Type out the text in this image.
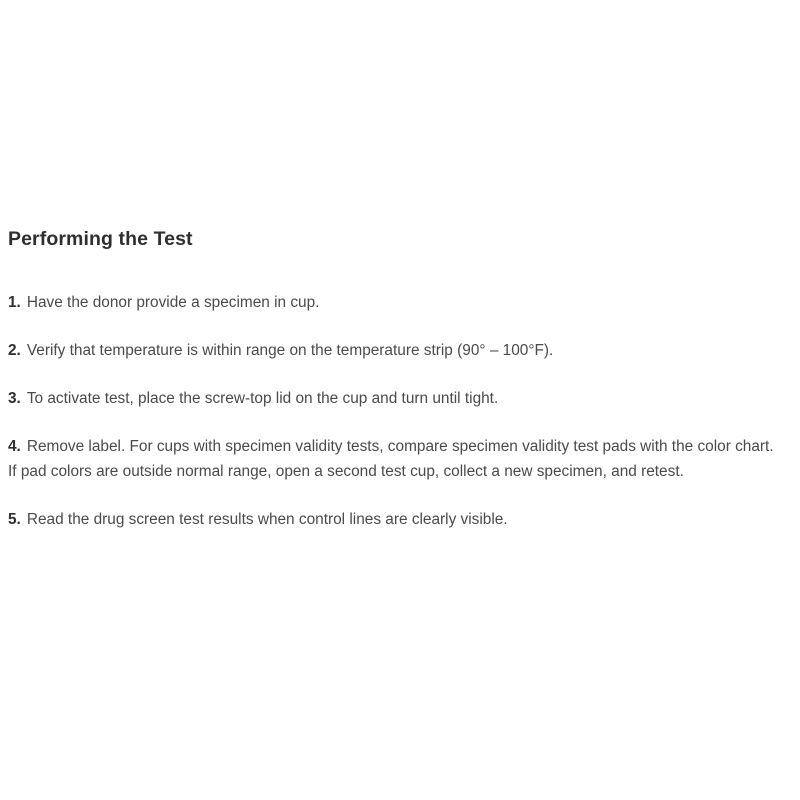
Performing the Test

1. Have the donor provide a specimen in cup.

2. Verify that temperature is within range on the temperature strip (90° – 100°F).

3. To activate test, place the screw-top lid on the cup and turn until tight.

4. Remove label. For cups with specimen validity tests, compare specimen validity test pads with the color chart. If pad colors are outside normal range, open a second test cup, collect a new specimen, and retest.

5. Read the drug screen test results when control lines are clearly visible.
